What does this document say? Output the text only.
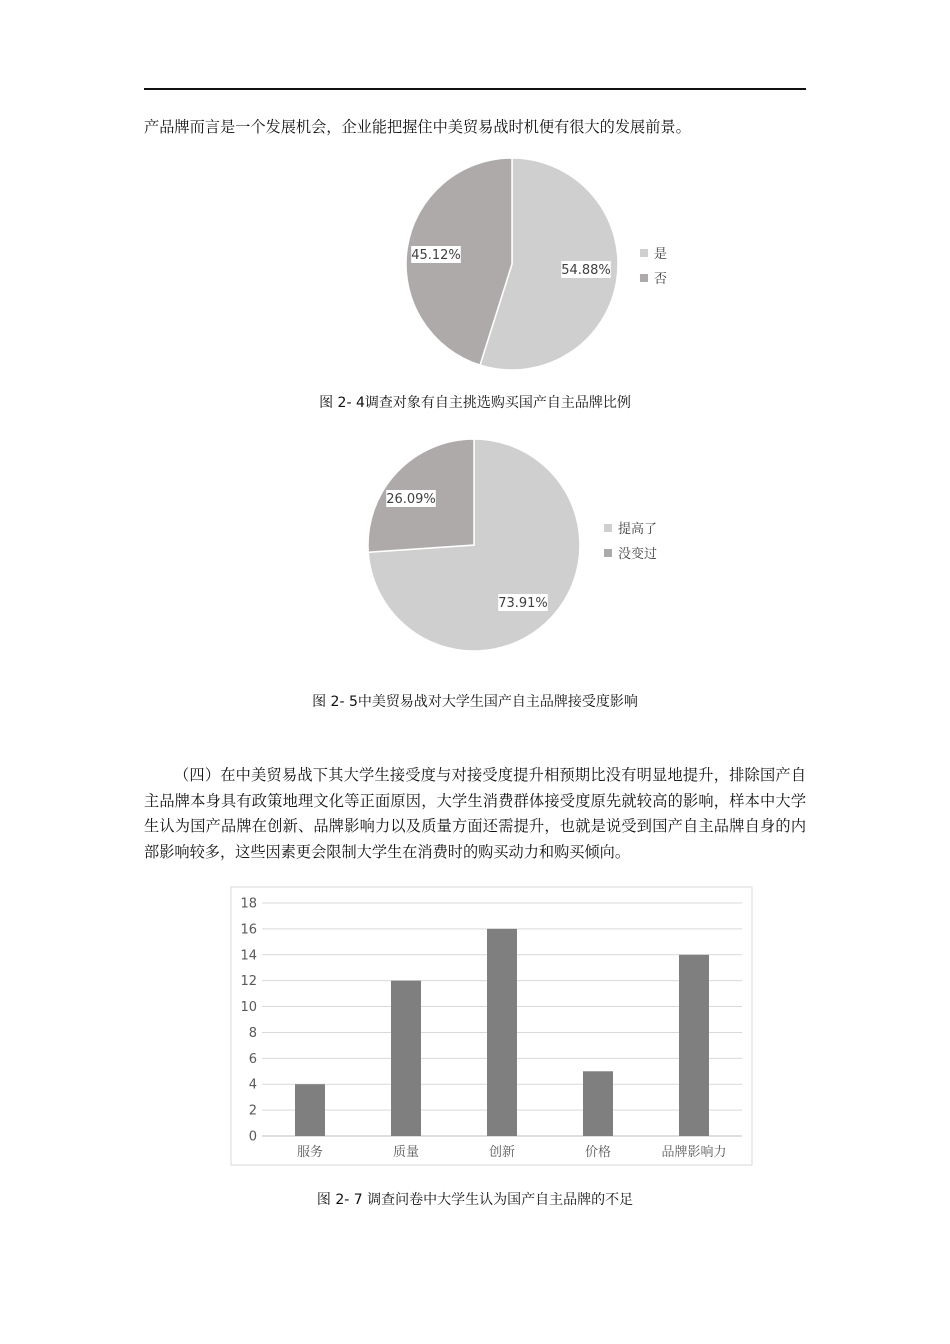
产品牌而言是一个发展机会，企业能把握住中美贸易战时机便有很大的发展前景。

54.88%
45.12%	是
否
图 2- 4调查对象有自主挑选购买国产自主品牌比例
73.91%
26.09%
提高了
没变过
图 2- 5中美贸易战对大学生国产自主品牌接受度影响

（四）在中美贸易战下其大学生接受度与对接受度提升相预期比没有明显地提升，排除国产自主品牌本身具有政策地理文化等正面原因，大学生消费群体接受度原先就较高的影响，样本中大学生认为国产品牌在创新、品牌影响力以及质量方面还需提升，也就是说受到国产自主品牌自身的内部影响较多，这些因素更会限制大学生在消费时的购买动力和购买倾向。

0
2
4
6
8
10
12
14
16
18
服务	质量	创新	价格	品牌影响力
图 2- 7 调查问卷中大学生认为国产自主品牌的不足
